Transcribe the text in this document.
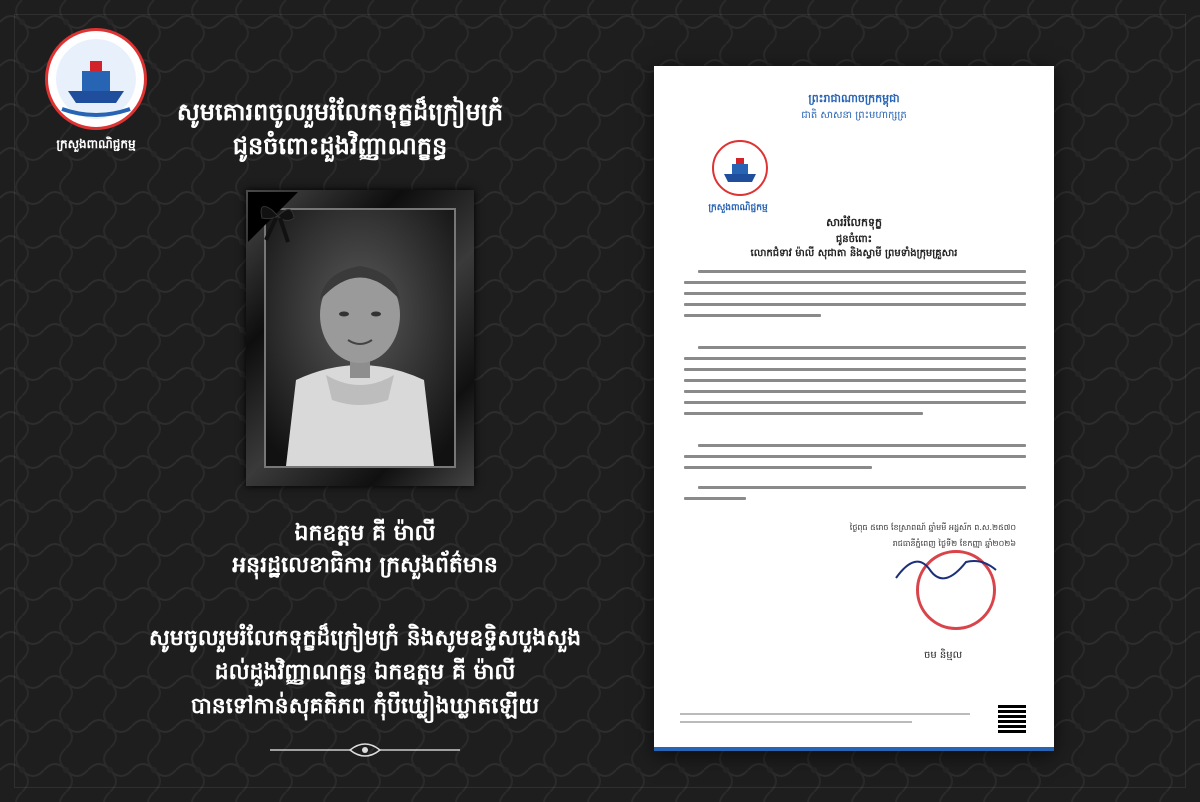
ក្រសួងពាណិជ្ជកម្ម
សូមគោរពចូលរួមរំលែកទុក្ខដ៏ក្រៀមក្រំ
ជូនចំពោះដួងវិញ្ញាណក្ខន្ធ
ឯកឧត្តម គី ម៉ាលី
អនុរដ្ឋលេខាធិការ ក្រសួងព័ត៌មាន
សូមចូលរួមរំលែកទុក្ខដ៏ក្រៀមក្រំ និងសូមឧទ្ទិសបួងសួង
ដល់ដួងវិញ្ញាណក្ខន្ធ ឯកឧត្តម គី ម៉ាលី
បានទៅកាន់សុគតិភព កុំបីឃ្លៀងឃ្លាតឡើយ
ព្រះរាជាណាចក្រកម្ពុជា
ជាតិ សាសនា ព្រះមហាក្សត្រ
ក្រសួងពាណិជ្ជកម្ម
សាររំលែកទុក្ខ
ជូនចំពោះ
លោកជំទាវ ម៉ាលី សុជាតា និងស្វាមី ព្រមទាំងក្រុមគ្រួសារ
ថ្ងៃពុធ ៥រោច ខែស្រាពណ៍ ឆ្នាំមមី អដ្ឋស័ក ព.ស.២៥៧០
រាជធានីភ្នំពេញ ថ្ងៃទី២ ខែកញ្ញា ឆ្នាំ២០២៦
ចម និម្មល
